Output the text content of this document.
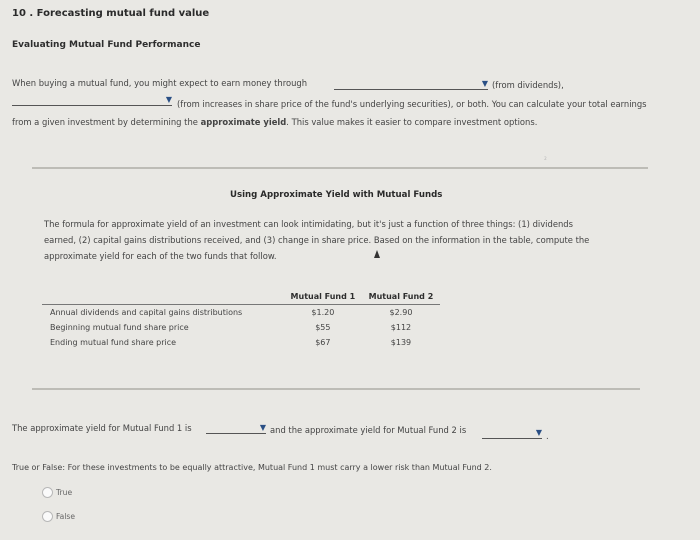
10 . Forecasting mutual fund value
Evaluating Mutual Fund Performance
When buying a mutual fund, you might expect to earn money through	▼ (from dividends),
▼ (from increases in share price of the fund's underlying securities), or both. You can calculate your total earnings
from a given investment by determining the approximate yield. This value makes it easier to compare investment options.
₂
Using Approximate Yield with Mutual Funds
The formula for approximate yield of an investment can look intimidating, but it's just a function of three things: (1) dividends
earned, (2) capital gains distributions received, and (3) change in share price. Based on the information in the table, compute the
approximate yield for each of the two funds that follow.
	Mutual Fund 1	Mutual Fund 2
Annual dividends and capital gains distributions	$1.20	$2.90
Beginning mutual fund share price	$55	$112
Ending mutual fund share price	$67	$139
The approximate yield for Mutual Fund 1 is	▼ and the approximate yield for Mutual Fund 2 is	▼ .
True or False: For these investments to be equally attractive, Mutual Fund 1 must carry a lower risk than Mutual Fund 2.
True
False
